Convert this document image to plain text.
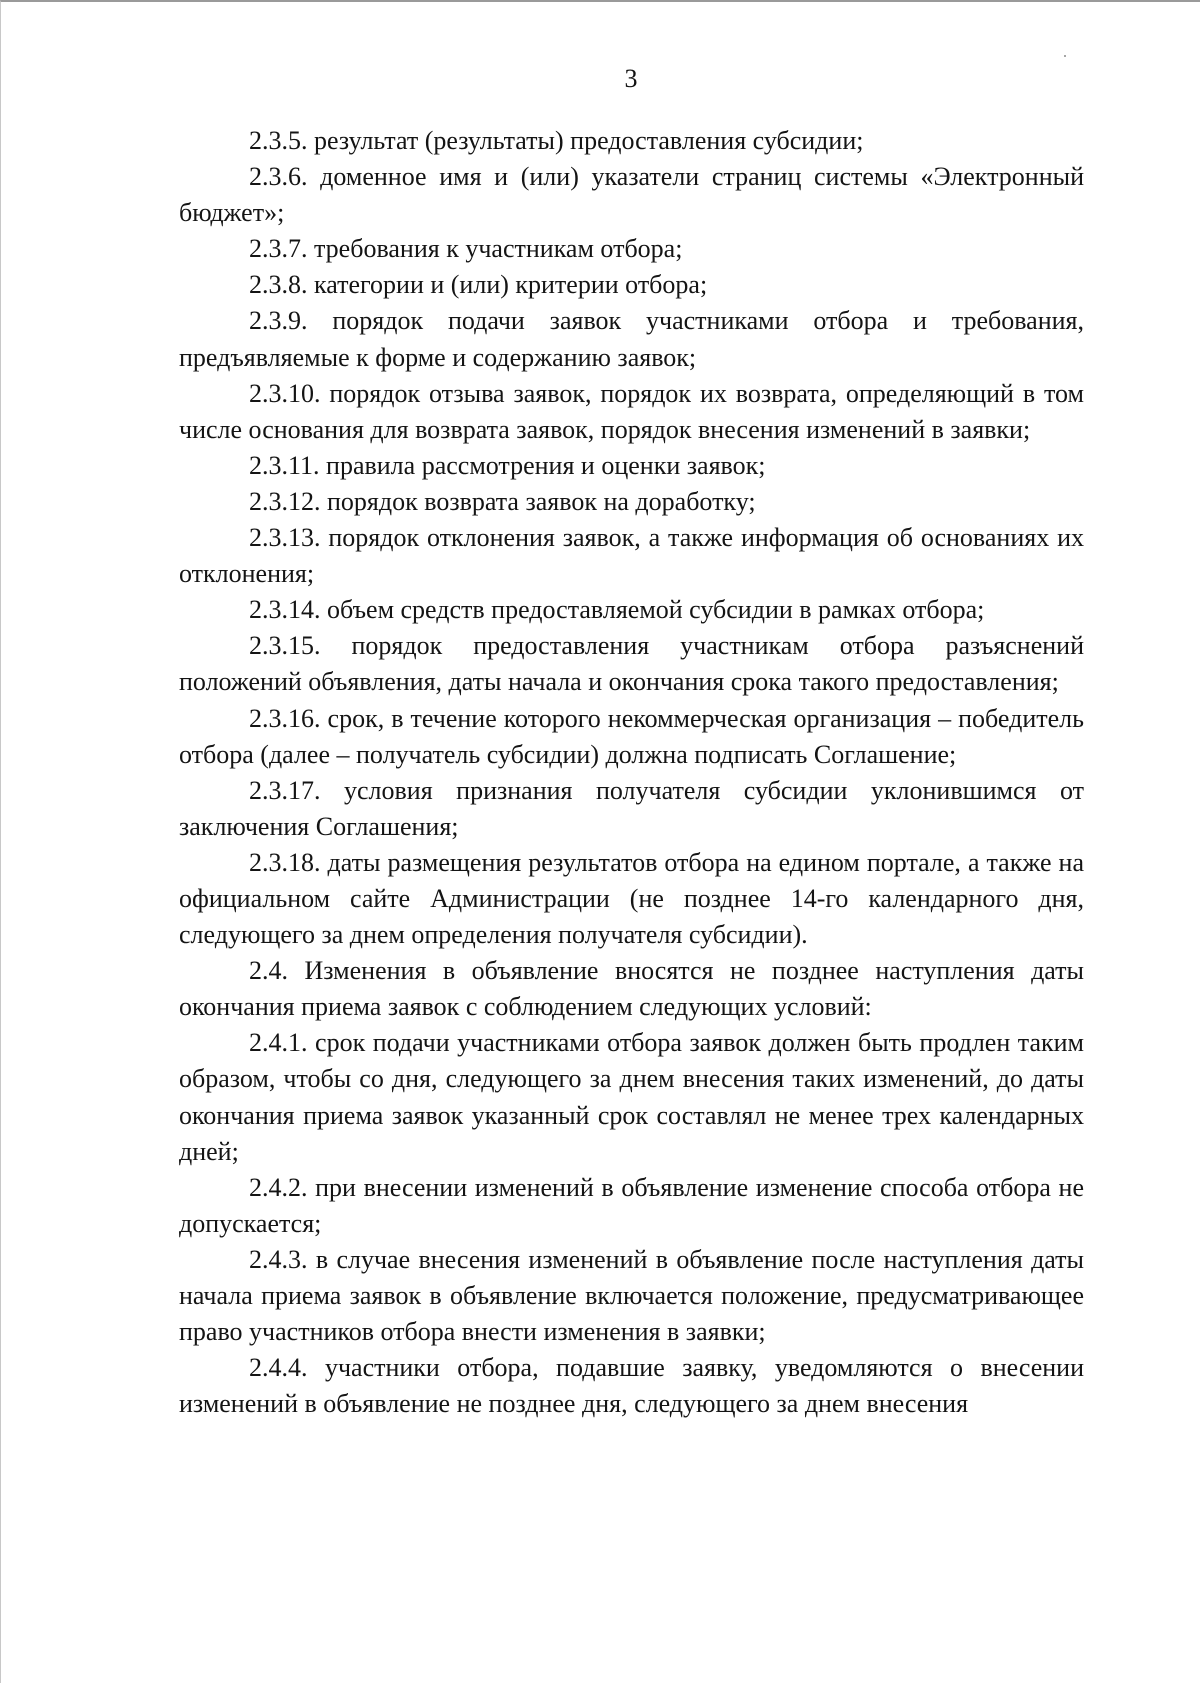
3

2.3.5. результат (результаты) предоставления субсидии;

2.3.6. доменное имя и (или) указатели страниц системы «Электронный бюджет»;

2.3.7. требования к участникам отбора;

2.3.8. категории и (или) критерии отбора;

2.3.9. порядок подачи заявок участниками отбора и требования, предъявляемые к форме и содержанию заявок;

2.3.10. порядок отзыва заявок, порядок их возврата, определяющий в том числе основания для возврата заявок, порядок внесения изменений в заявки;

2.3.11. правила рассмотрения и оценки заявок;

2.3.12. порядок возврата заявок на доработку;

2.3.13. порядок отклонения заявок, а также информация об основаниях их отклонения;

2.3.14. объем средств предоставляемой субсидии в рамках отбора;

2.3.15. порядок предоставления участникам отбора разъяснений положений объявления, даты начала и окончания срока такого предоставления;

2.3.16. срок, в течение которого некоммерческая организация – победитель отбора (далее – получатель субсидии) должна подписать Соглашение;

2.3.17. условия признания получателя субсидии уклонившимся от заключения Соглашения;

2.3.18. даты размещения результатов отбора на едином портале, а также на официальном сайте Администрации (не позднее 14-го календарного дня, следующего за днем определения получателя субсидии).

2.4. Изменения в объявление вносятся не позднее наступления даты окончания приема заявок с соблюдением следующих условий:

2.4.1. срок подачи участниками отбора заявок должен быть продлен таким образом, чтобы со дня, следующего за днем внесения таких изменений, до даты окончания приема заявок указанный срок составлял не менее трех календарных дней;

2.4.2. при внесении изменений в объявление изменение способа отбора не допускается;

2.4.3. в случае внесения изменений в объявление после наступления даты начала приема заявок в объявление включается положение, предусматривающее право участников отбора внести изменения в заявки;

2.4.4. участники отбора, подавшие заявку, уведомляются о внесении изменений в объявление не позднее дня, следующего за днем внесения
